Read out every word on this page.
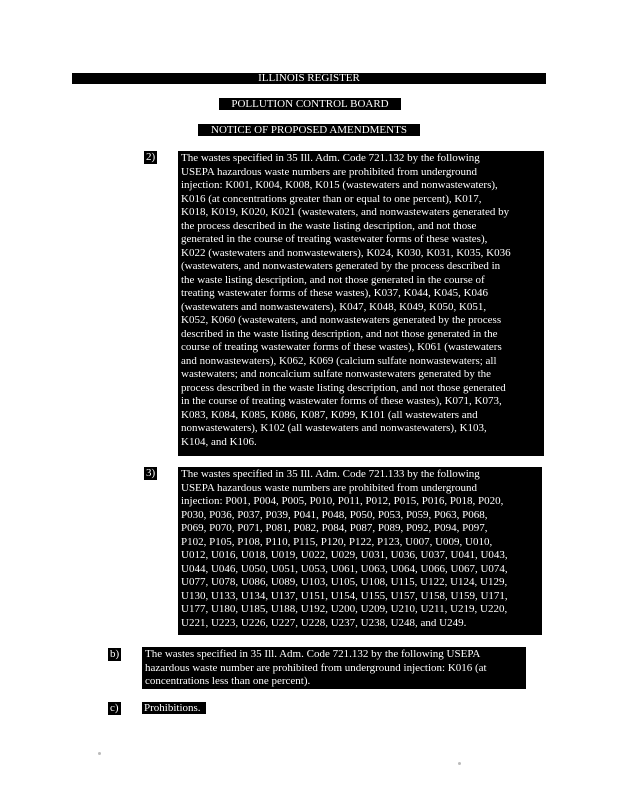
ILLINOIS REGISTER
POLLUTION CONTROL BOARD
NOTICE OF PROPOSED AMENDMENTS
2) The wastes specified in 35 Ill. Adm. Code 721.132 by the following
USEPA hazardous waste numbers are prohibited from underground
injection: K001, K004, K008, K015 (wastewaters and nonwastewaters),
K016 (at concentrations greater than or equal to one percent), K017,
K018, K019, K020, K021 (wastewaters, and nonwastewaters generated by
the process described in the waste listing description, and not those
generated in the course of treating wastewater forms of these wastes),
K022 (wastewaters and nonwastewaters), K024, K030, K031, K035, K036
(wastewaters, and nonwastewaters generated by the process described in
the waste listing description, and not those generated in the course of
treating wastewater forms of these wastes), K037, K044, K045, K046
(wastewaters and nonwastewaters), K047, K048, K049, K050, K051,
K052, K060 (wastewaters, and nonwastewaters generated by the process
described in the waste listing description, and not those generated in the
course of treating wastewater forms of these wastes), K061 (wastewaters
and nonwastewaters), K062, K069 (calcium sulfate nonwastewaters; all
wastewaters; and noncalcium sulfate nonwastewaters generated by the
process described in the waste listing description, and not those generated
in the course of treating wastewater forms of these wastes), K071, K073,
K083, K084, K085, K086, K087, K099, K101 (all wastewaters and
nonwastewaters), K102 (all wastewaters and nonwastewaters), K103,
K104, and K106.
3) The wastes specified in 35 Ill. Adm. Code 721.133 by the following
USEPA hazardous waste numbers are prohibited from underground
injection: P001, P004, P005, P010, P011, P012, P015, P016, P018, P020,
P030, P036, P037, P039, P041, P048, P050, P053, P059, P063, P068,
P069, P070, P071, P081, P082, P084, P087, P089, P092, P094, P097,
P102, P105, P108, P110, P115, P120, P122, P123, U007, U009, U010,
U012, U016, U018, U019, U022, U029, U031, U036, U037, U041, U043,
U044, U046, U050, U051, U053, U061, U063, U064, U066, U067, U074,
U077, U078, U086, U089, U103, U105, U108, U115, U122, U124, U129,
U130, U133, U134, U137, U151, U154, U155, U157, U158, U159, U171,
U177, U180, U185, U188, U192, U200, U209, U210, U211, U219, U220,
U221, U223, U226, U227, U228, U237, U238, U248, and U249.
b) The wastes specified in 35 Ill. Adm. Code 721.132 by the following USEPA
hazardous waste number are prohibited from underground injection: K016 (at
concentrations less than one percent).
c) Prohibitions.
